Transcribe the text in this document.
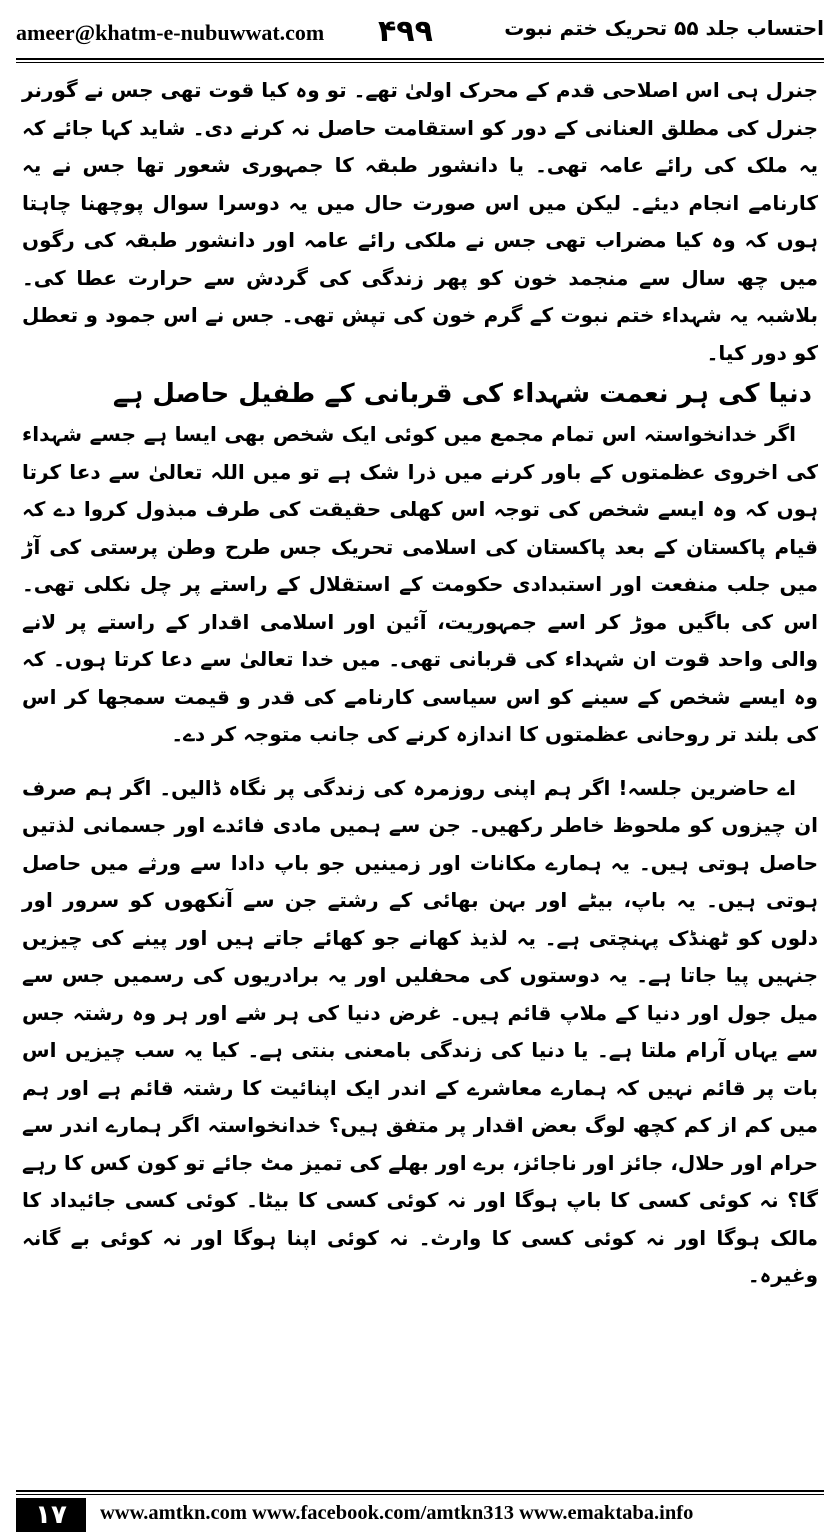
ameer@khatm-e-nubuwwat.com ۴۹۹	احتساب جلد ۵۵ تحریک ختم نبوت

جنرل ہی اس اصلاحی قدم کے محرک اولیٰ تھے۔ تو وہ کیا قوت تھی جس نے گورنر جنرل کی مطلق العنانی کے دور کو استقامت حاصل نہ کرنے دی۔ شاید کہا جائے کہ یہ ملک کی رائے عامہ تھی۔ یا دانشور طبقہ کا جمہوری شعور تھا جس نے یہ کارنامے انجام دیئے۔ لیکن میں اس صورت حال میں یہ دوسرا سوال پوچھنا چاہتا ہوں کہ وہ کیا مضراب تھی جس نے ملکی رائے عامہ اور دانشور طبقہ کی رگوں میں چھ سال سے منجمد خون کو پھر زندگی کی گردش سے حرارت عطا کی۔ بلاشبہ یہ شہداء ختم نبوت کے گرم خون کی تپش تھی۔ جس نے اس جمود و تعطل کو دور کیا۔

دنیا کی ہر نعمت شہداء کی قربانی کے طفیل حاصل ہے

اگر خدانخواستہ اس تمام مجمع میں کوئی ایک شخص بھی ایسا ہے جسے شہداء کی اخروی عظمتوں کے باور کرنے میں ذرا شک ہے تو میں اللہ تعالیٰ سے دعا کرتا ہوں کہ وہ ایسے شخص کی توجہ اس کھلی حقیقت کی طرف مبذول کروا دے کہ قیام پاکستان کے بعد پاکستان کی اسلامی تحریک جس طرح وطن پرستی کی آڑ میں جلب منفعت اور استبدادی حکومت کے استقلال کے راستے پر چل نکلی تھی۔ اس کی باگیں موڑ کر اسے جمہوریت، آئین اور اسلامی اقدار کے راستے پر لانے والی واحد قوت ان شہداء کی قربانی تھی۔ میں خدا تعالیٰ سے دعا کرتا ہوں۔ کہ وہ ایسے شخص کے سینے کو اس سیاسی کارنامے کی قدر و قیمت سمجھا کر اس کی بلند تر روحانی عظمتوں کا اندازہ کرنے کی جانب متوجہ کر دے۔

اے حاضرین جلسہ! اگر ہم اپنی روزمرہ کی زندگی پر نگاہ ڈالیں۔ اگر ہم صرف ان چیزوں کو ملحوظ خاطر رکھیں۔ جن سے ہمیں مادی فائدے اور جسمانی لذتیں حاصل ہوتی ہیں۔ یہ ہمارے مکانات اور زمینیں جو باپ دادا سے ورثے میں حاصل ہوتی ہیں۔ یہ باپ، بیٹے اور بہن بھائی کے رشتے جن سے آنکھوں کو سرور اور دلوں کو ٹھنڈک پہنچتی ہے۔ یہ لذیذ کھانے جو کھائے جاتے ہیں اور پینے کی چیزیں جنہیں پیا جاتا ہے۔ یہ دوستوں کی محفلیں اور یہ برادریوں کی رسمیں جس سے میل جول اور دنیا کے ملاپ قائم ہیں۔ غرض دنیا کی ہر شے اور ہر وہ رشتہ جس سے یہاں آرام ملتا ہے۔ یا دنیا کی زندگی بامعنی بنتی ہے۔ کیا یہ سب چیزیں اس بات پر قائم نہیں کہ ہمارے معاشرے کے اندر ایک اپنائیت کا رشتہ قائم ہے اور ہم میں کم از کم کچھ لوگ بعض اقدار پر متفق ہیں؟ خدانخواستہ اگر ہمارے اندر سے حرام اور حلال، جائز اور ناجائز، برے اور بھلے کی تمیز مٹ جائے تو کون کس کا رہے گا؟ نہ کوئی کسی کا باپ ہوگا اور نہ کوئی کسی کا بیٹا۔ کوئی کسی جائیداد کا مالک ہوگا اور نہ کوئی کسی کا وارث۔ نہ کوئی اپنا ہوگا اور نہ کوئی بے گانہ وغیرہ۔

۱۷	www.amtkn.com www.facebook.com/amtkn313 www.emaktaba.info
